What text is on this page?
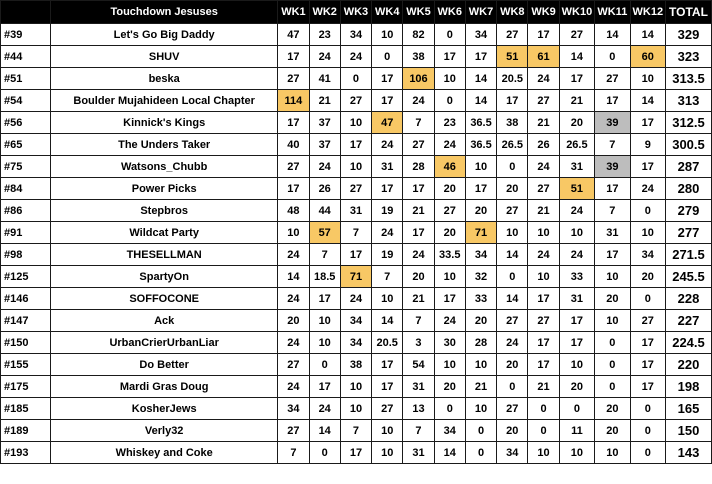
	Touchdown Jesuses	WK1	WK2	WK3	WK4	WK5	WK6	WK7	WK8	WK9	WK10	WK11	WK12	TOTAL
#39	Let's Go Big Daddy	47	23	34	10	82	0	34	27	17	27	14	14	329
#44	SHUV	17	24	24	0	38	17	17	51	61	14	0	60	323
#51	beska	27	41	0	17	106	10	14	20.5	24	17	27	10	313.5
#54	Boulder Mujahideen Local Chapter	114	21	27	17	24	0	14	17	27	21	17	14	313
#56	Kinnick's Kings	17	37	10	47	7	23	36.5	38	21	20	39	17	312.5
#65	The Unders Taker	40	37	17	24	27	24	36.5	26.5	26	26.5	7	9	300.5
#75	Watsons_Chubb	27	24	10	31	28	46	10	0	24	31	39	17	287
#84	Power Picks	17	26	27	17	17	20	17	20	27	51	17	24	280
#86	Stepbros	48	44	31	19	21	27	20	27	21	24	7	0	279
#91	Wildcat Party	10	57	7	24	17	20	71	10	10	10	31	10	277
#98	THESELLMAN	24	7	17	19	24	33.5	34	14	24	24	17	34	271.5
#125	SpartyOn	14	18.5	71	7	20	10	32	0	10	33	10	20	245.5
#146	SOFFOCONE	24	17	24	10	21	17	33	14	17	31	20	0	228
#147	Ack	20	10	34	14	7	24	20	27	27	17	10	27	227
#150	UrbanCrierUrbanLiar	24	10	34	20.5	3	30	28	24	17	17	0	17	224.5
#155	Do Better	27	0	38	17	54	10	10	20	17	10	0	17	220
#175	Mardi Gras Doug	24	17	10	17	31	20	21	0	21	20	0	17	198
#185	KosherJews	34	24	10	27	13	0	10	27	0	0	20	0	165
#189	Verly32	27	14	7	10	7	34	0	20	0	11	20	0	150
#193	Whiskey and Coke	7	0	17	10	31	14	0	34	10	10	10	0	143
